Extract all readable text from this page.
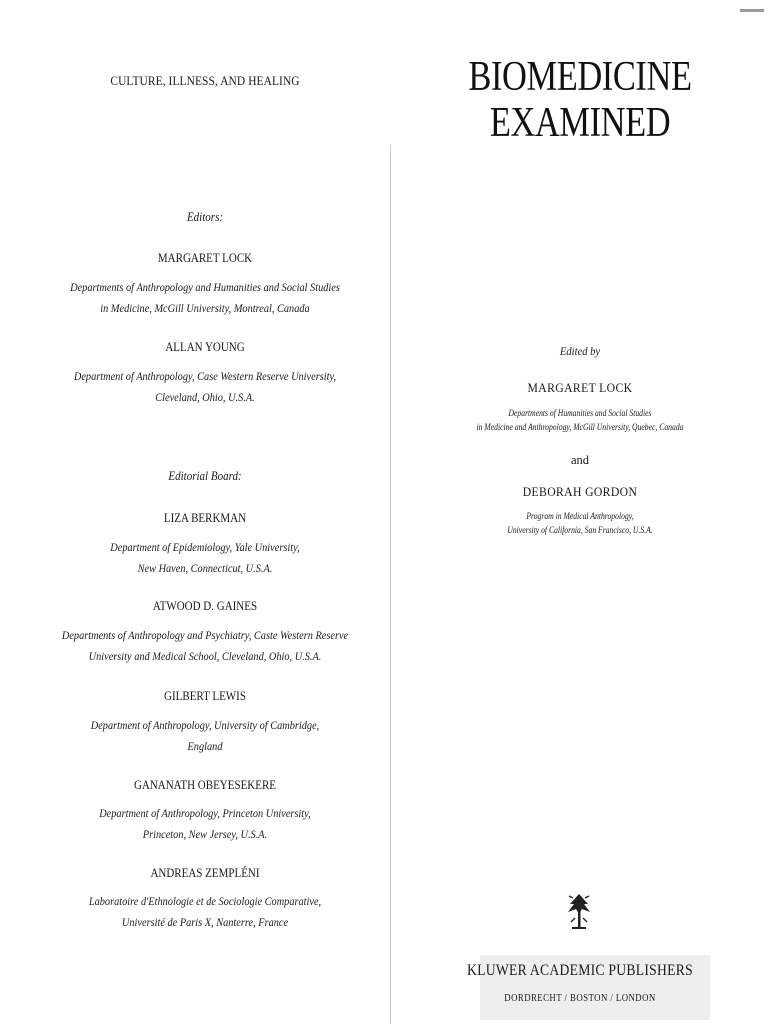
CULTURE, ILLNESS, AND HEALING
Editors:
MARGARET LOCK
Departments of Anthropology and Humanities and Social Studies
in Medicine, McGill University, Montreal, Canada
ALLAN YOUNG
Department of Anthropology, Case Western Reserve University,
Cleveland, Ohio, U.S.A.
Editorial Board:
LIZA BERKMAN
Department of Epidemiology, Yale University,
New Haven, Connecticut, U.S.A.
ATWOOD D. GAINES
Departments of Anthropology and Psychiatry, Caste Western Reserve
University and Medical School, Cleveland, Ohio, U.S.A.
GILBERT LEWIS
Department of Anthropology, University of Cambridge,
England
GANANATH OBEYESEKERE
Department of Anthropology, Princeton University,
Princeton, New Jersey, U.S.A.
ANDREAS ZEMPLÉNI
Laboratoire d'Ethnologie et de Sociologie Comparative,
Université de Paris X, Nanterre, France
BIOMEDICINE
EXAMINED
Edited by
MARGARET LOCK
Departments of Humanities and Social Studies
in Medicine and Anthropology, McGill University, Quebec, Canada
and
DEBORAH GORDON
Program in Medical Anthropology,
University of California, San Francisco, U.S.A.
KLUWER ACADEMIC PUBLISHERS
DORDRECHT / BOSTON / LONDON
